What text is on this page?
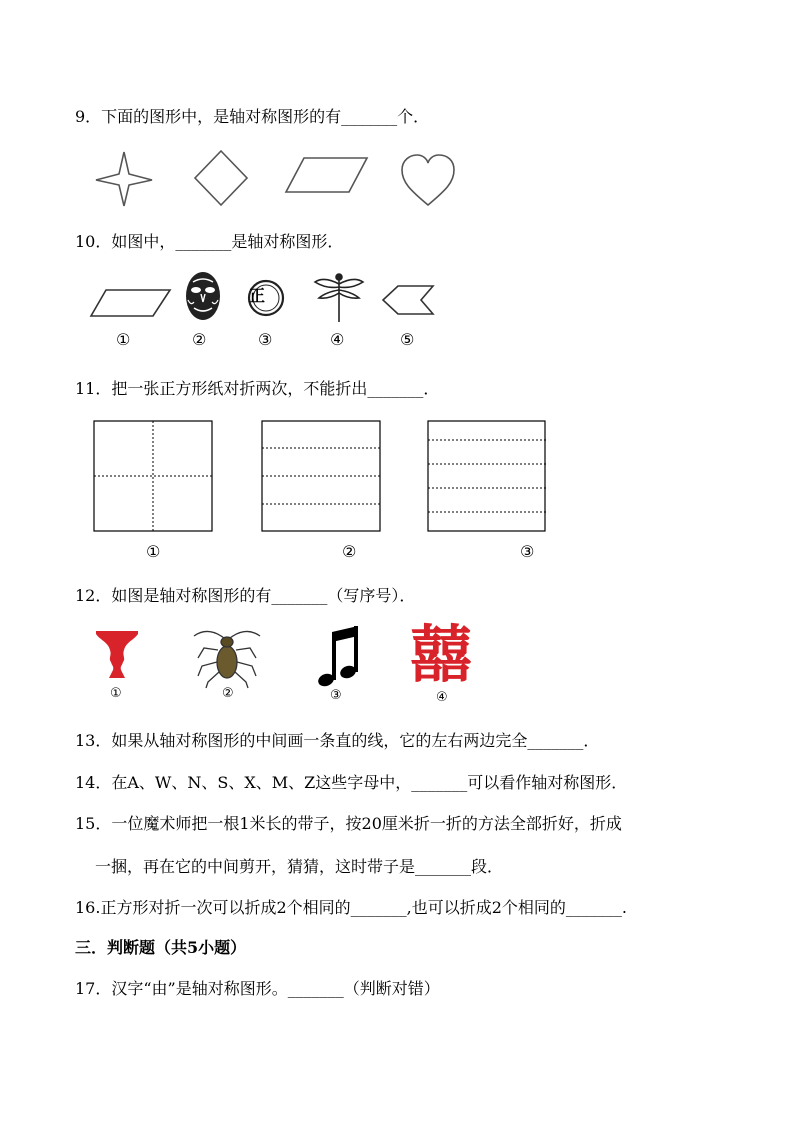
9．下面的图形中，是轴对称图形的有_______个．
10．如图中，_______是轴对称图形．
正
①	②	③	④	⑤
11．把一张正方形纸对折两次，不能折出_______．
①	②	③
12．如图是轴对称图形的有_______（写序号）．
囍
①	②	③	④
13．如果从轴对称图形的中间画一条直的线，它的左右两边完全_______．
14．在A、W、N、S、X、M、Z这些字母中，_______可以看作轴对称图形．
15．一位魔术师把一根1米长的带子，按20厘米折一折的方法全部折好，折成
一捆，再在它的中间剪开，猜猜，这时带子是_______段．
16.正方形对折一次可以折成2个相同的_______,也可以折成2个相同的_______.
三．判断题（共5小题）
17．汉字“由”是轴对称图形。_______（判断对错）
